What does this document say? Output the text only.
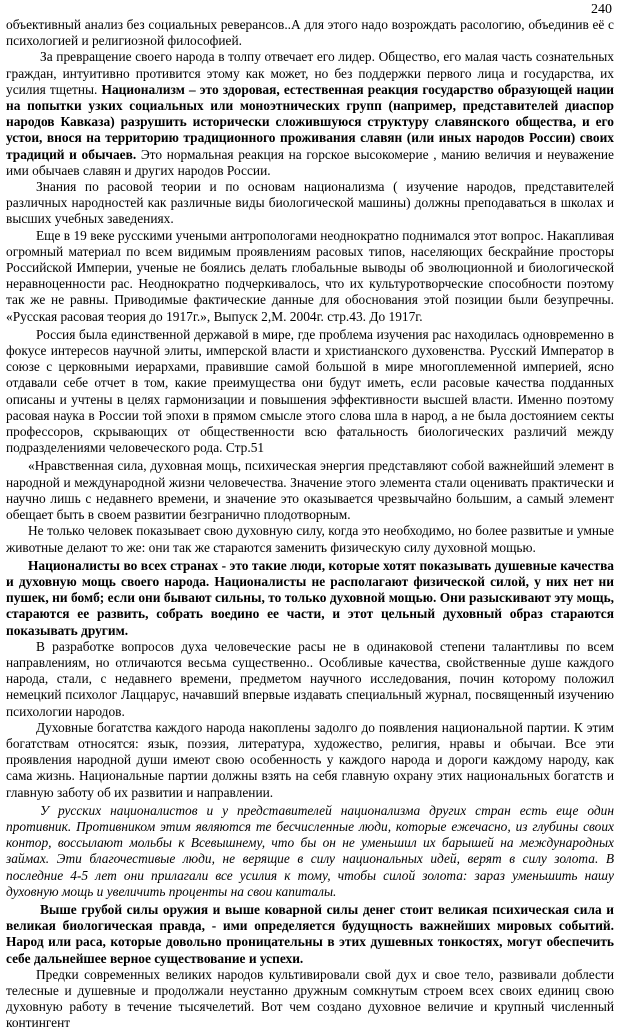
240

объективный анализ без социальных реверансов..А для этого надо возрождать расологию, объединив её с психологией и религиозной философией.

За превращение своего народа в толпу отвечает его лидер. Общество, его малая часть сознательных граждан, интуитивно противится этому как может, но без поддержки первого лица и государства, их усилия тщетны. Национализм – это здоровая, естественная реакция государство образующей нации на попытки узких социальных или моноэтнических групп (например, представителей диаспор народов Кавказа) разрушить исторически сложившуюся структуру славянского общества, и его устои, внося на территорию традиционного проживания славян (или иных народов России) своих традиций и обычаев. Это нормальная реакция на горское высокомерие , манию величия и неуважение ими обычаев славян и других народов России.

Знания по расовой теории и по основам национализма ( изучение народов, представителей различных народностей как различные виды биологической машины) должны преподаваться в школах и высших учебных заведениях.

Еще в 19 веке русскими учеными антропологами неоднократно поднимался этот вопрос. Накапливая огромный материал по всем видимым проявлениям расовых типов, населяющих бескрайние просторы Российской Империи, ученые не боялись делать глобальные выводы об эволюционной и биологической неравноценности рас. Неоднократно подчеркивалось, что их культуротворческие способности поэтому так же не равны. Приводимые фактические данные для обоснования этой позиции были безупречны. «Русская расовая теория до 1917г.», Выпуск 2,М. 2004г. стр.43. До 1917г.

Россия была единственной державой в мире, где проблема изучения рас находилась одновременно в фокусе интересов научной элиты, имперской власти и христианского духовенства. Русский Император в союзе с церковными иерархами, правившие самой большой в мире многоплеменной империей, ясно отдавали себе отчет в том, какие преимущества они будут иметь, если расовые качества подданных описаны и учтены в целях гармонизации и повышения эффективности высшей власти. Именно поэтому расовая наука в России той эпохи в прямом смысле этого слова шла в народ, а не была достоянием секты профессоров, скрывающих от общественности всю фатальность биологических различий между подразделениями человеческого рода. Стр.51

«Нравственная сила, духовная мощь, психическая энергия представляют собой важнейший элемент в народной и международной жизни человечества. Значение этого элемента стали оценивать практически и научно лишь с недавнего времени, и значение это оказывается чрезвычайно большим, а самый элемент обещает быть в своем развитии безгранично плодотворным.

Не только человек показывает свою духовную силу, когда это необходимо, но более развитые и умные животные делают то же: они так же стараются заменить физическую силу духовной мощью.

Националисты во всех странах - это такие люди, которые хотят показывать душевные качества и духовную мощь своего народа. Националисты не располагают физической силой, у них нет ни пушек, ни бомб; если они бывают сильны, то только духовной мощью. Они разыскивают эту мощь, стараются ее развить, собрать воедино ее части, и этот цельный духовный образ стараются показывать другим.

В разработке вопросов духа человеческие расы не в одинаковой степени талантливы по всем направлениям, но отличаются весьма существенно.. Особливые качества, свойственные душе каждого народа, стали, с недавнего времени, предметом научного исследования, почин которому положил немецкий психолог Лаццарус, начавший впервые издавать специальный журнал, посвященный изучению психологии народов.

Духовные богатства каждого народа накоплены задолго до появления национальной партии. К этим богатствам относятся: язык, поэзия, литература, художество, религия, нравы и обычаи. Все эти проявления народной души имеют свою особенность у каждого народа и дороги каждому народу, как сама жизнь. Национальные партии должны взять на себя главную охрану этих национальных богатств и главную заботу об их развитии и направлении.

У русских националистов и у представителей национализма других стран есть еще один противник. Противником этим являются те бесчисленные люди, которые ежечасно, из глубины своих контор, воссылают мольбы к Всевышнему, что бы он не уменьшил их барышей на международных займах. Эти благочестивые люди, не верящие в силу национальных идей, верят в силу золота. В последние 4-5 лет они прилагали все усилия к тому, чтобы силой золота: зараз уменьшить нашу духовную мощь и увеличить проценты на свои капиталы.

Выше грубой силы оружия и выше коварной силы денег стоит великая психическая сила и великая биологическая правда, - ими определяется будущность важнейших мировых событий. Народ или раса, которые довольно проницательны в этих душевных тонкостях, могут обеспечить себе дальнейшее верное существование и успехи.

Предки современных великих народов культивировали свой дух и свое тело, развивали доблести телесные и душевные и продолжали неустанно дружным сомкнутым строем всех своих единиц свою духовную работу в течение тысячелетий. Вот чем создано духовное величие и крупный численный контингент
